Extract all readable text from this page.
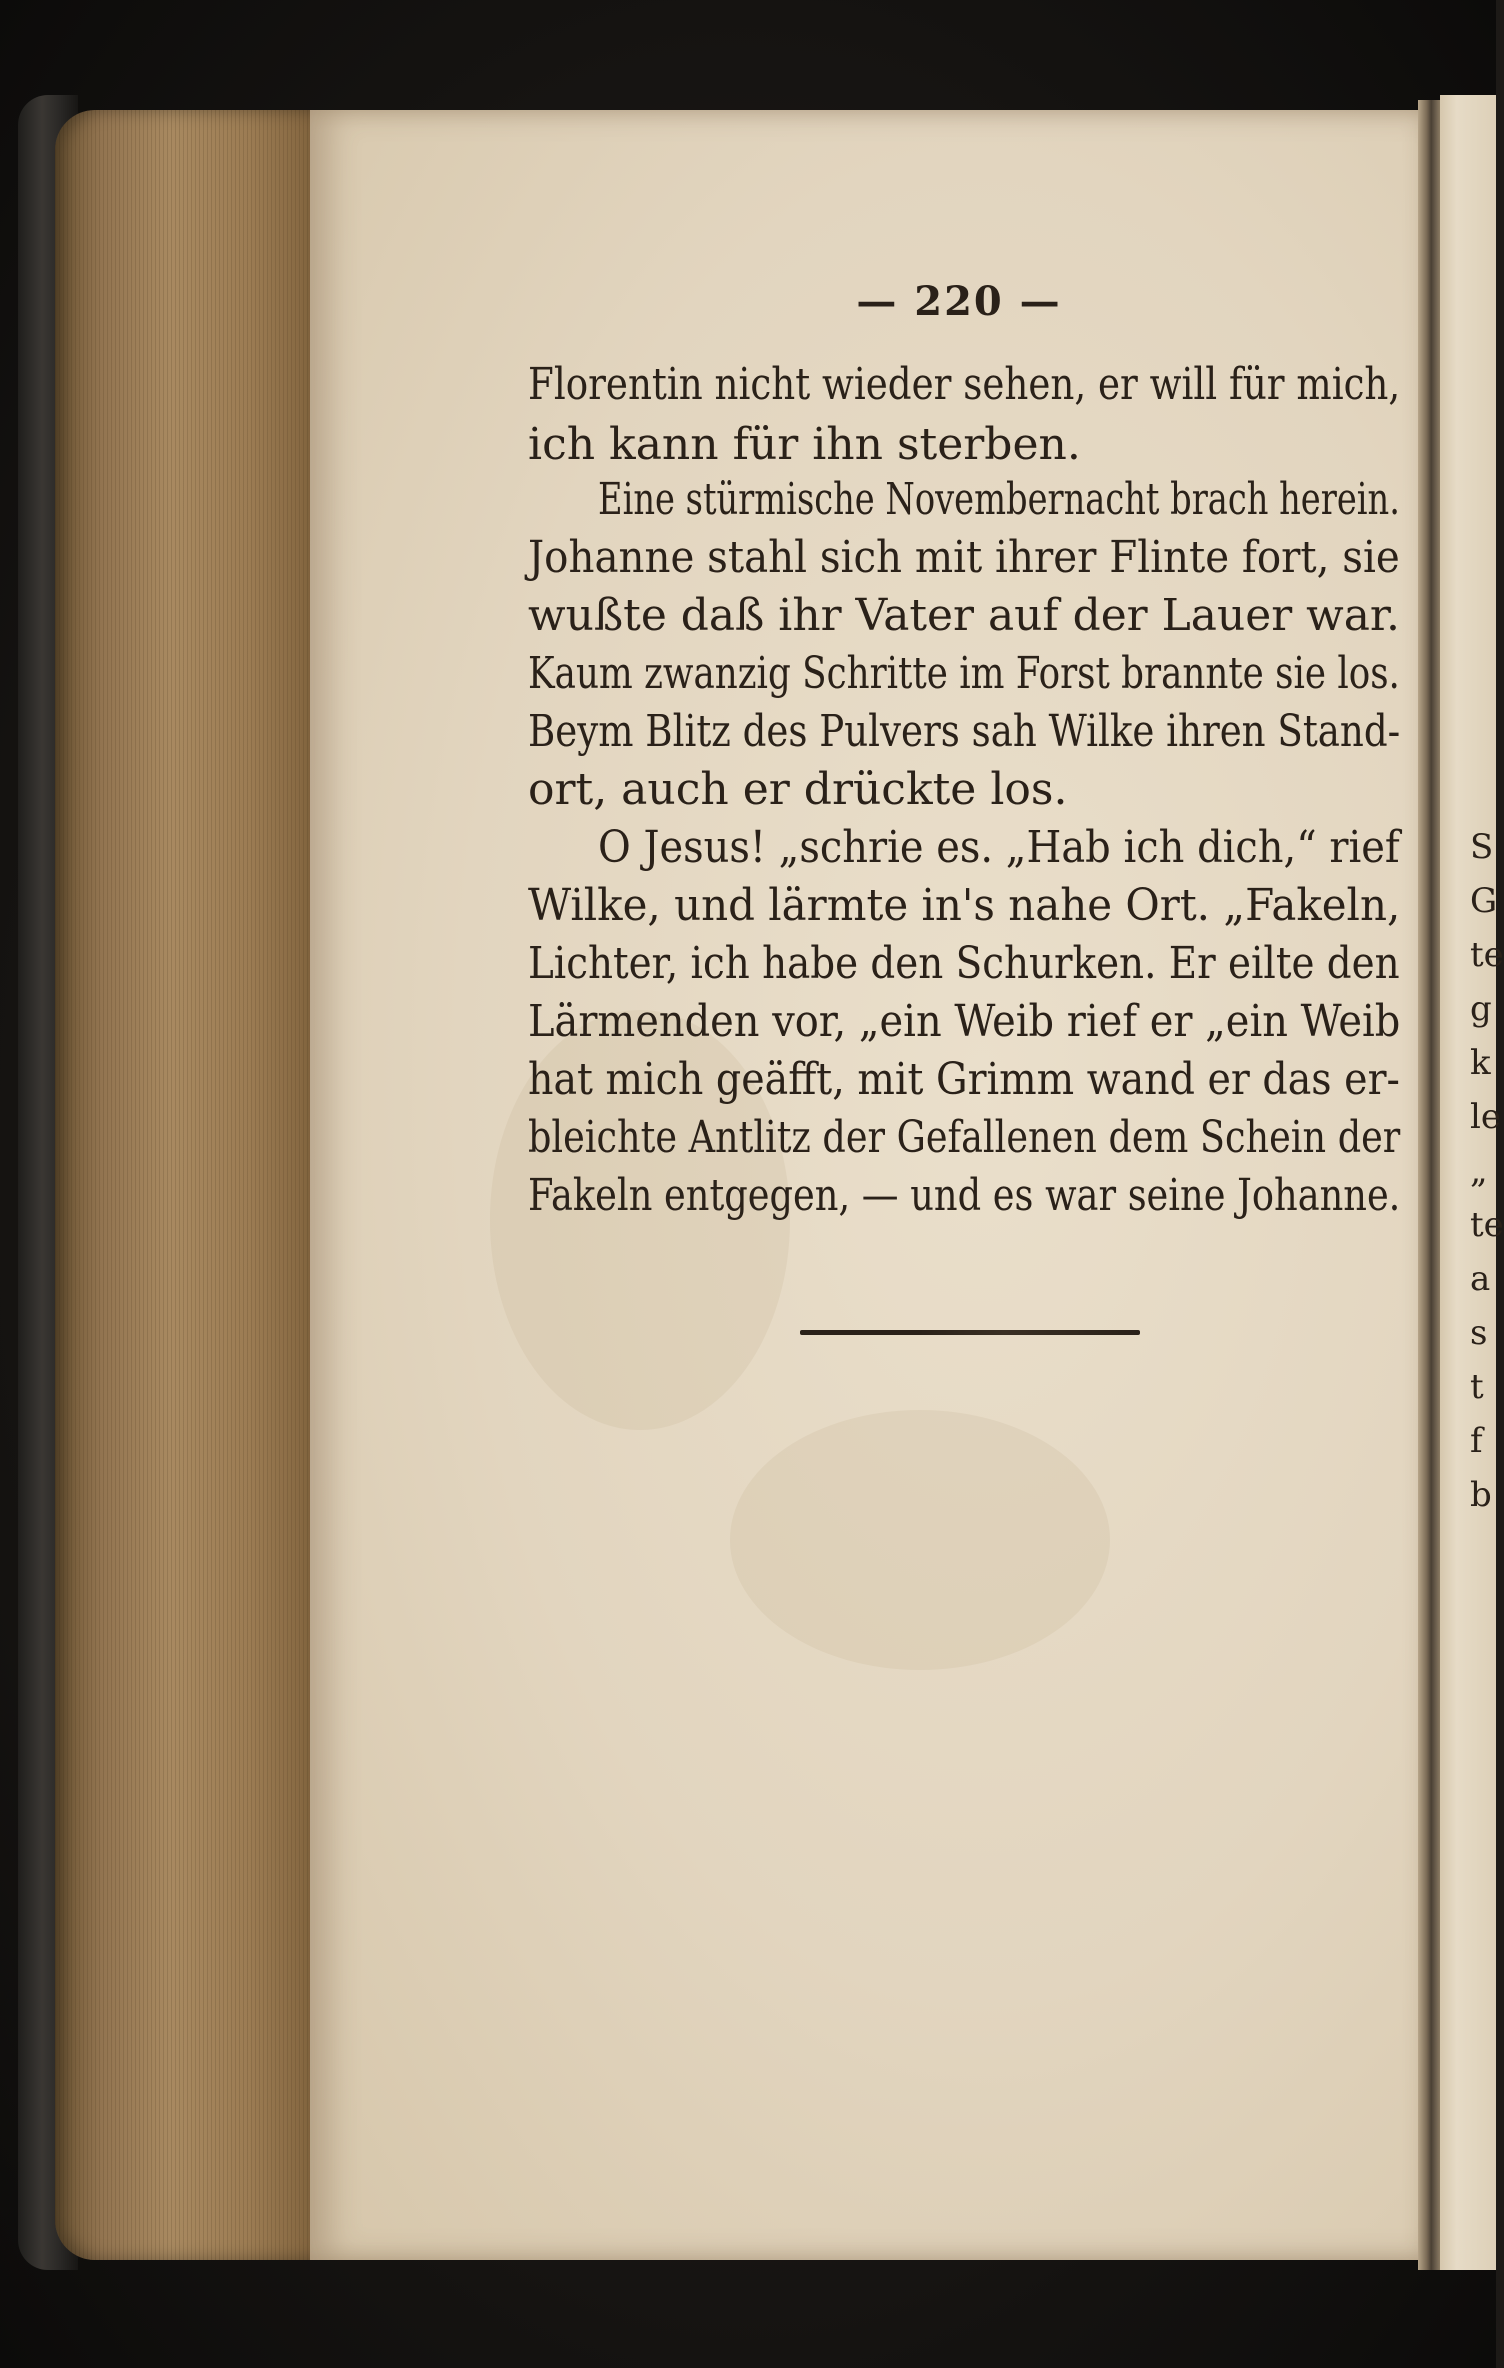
S
G
te
g
k
le
„
te
a
s
t
f
b
— 220 —
Florentin nicht wieder sehen, er will für mich,
ich kann für ihn sterben.
Eine stürmische Novembernacht brach herein.
Johanne stahl sich mit ihrer Flinte fort, sie
wußte daß ihr Vater auf der Lauer war.
Kaum zwanzig Schritte im Forst brannte sie los.
Beym Blitz des Pulvers sah Wilke ihren Stand-
ort, auch er drückte los.
O Jesus! „schrie es. „Hab ich dich,“ rief
Wilke, und lärmte in's nahe Ort. „Fakeln,
Lichter, ich habe den Schurken. Er eilte den
Lärmenden vor, „ein Weib rief er „ein Weib
hat mich geäfft, mit Grimm wand er das er-
bleichte Antlitz der Gefallenen dem Schein der
Fakeln entgegen, — und es war seine Johanne.
